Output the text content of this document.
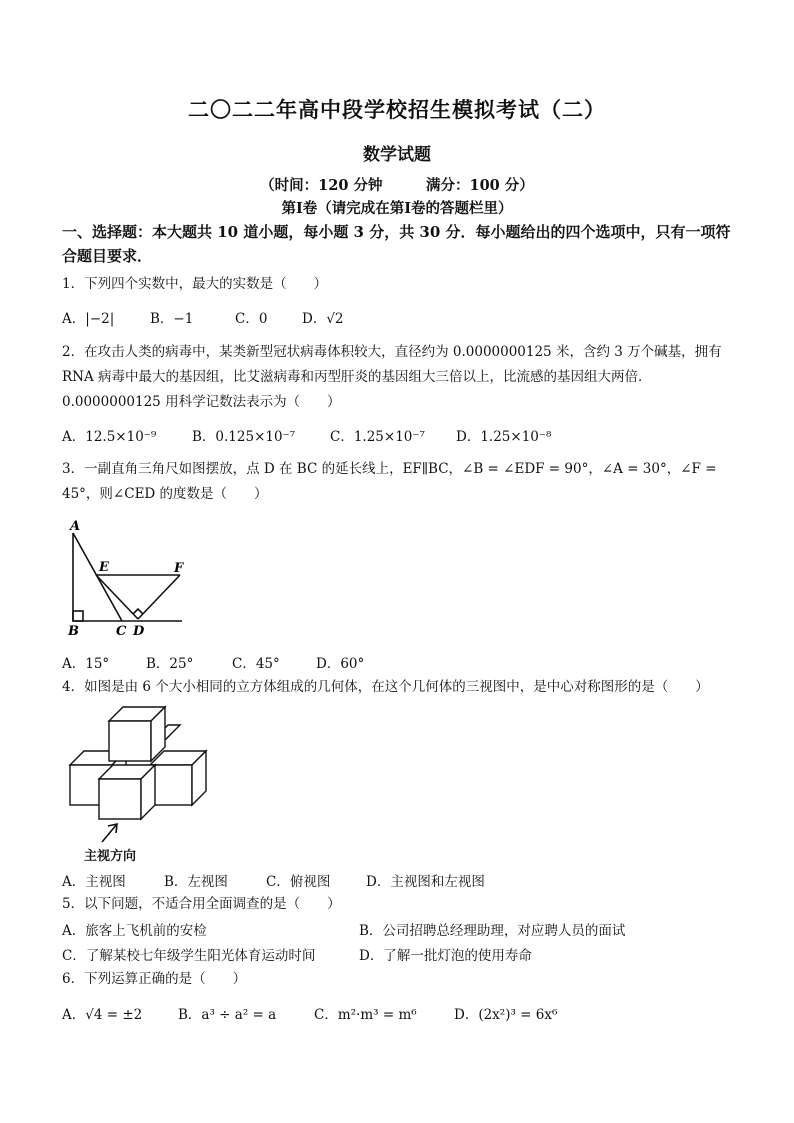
二〇二二年高中段学校招生模拟考试（二）
数学试题
（时间：120 分钟　　　满分：100 分）
第Ⅰ卷（请完成在第Ⅰ卷的答题栏里）
一、选择题：本大题共 10 道小题，每小题 3 分，共 30 分．每小题给出的四个选项中，只有一项符合题目要求．
1．下列四个实数中，最大的实数是（　　）
A．|−2|	B．−1	C．0	D．√2
2．在攻击人类的病毒中，某类新型冠状病毒体积较大，直径约为 0.0000000125 米，含约 3 万个碱基，拥有 RNA 病毒中最大的基因组，比艾滋病毒和丙型肝炎的基因组大三倍以上，比流感的基因组大两倍．0.0000000125 用科学记数法表示为（　　）
A．12.5×10⁻⁹	B．0.125×10⁻⁷	C．1.25×10⁻⁷ D．1.25×10⁻⁸
3．一副直角三角尺如图摆放，点 D 在 BC 的延长线上，EF∥BC，∠B = ∠EDF = 90°，∠A = 30°，∠F = 45°，则∠CED 的度数是（　　）
A
E	F
B	C D
A．15°	B．25°	C．45°	D．60°
4．如图是由 6 个大小相同的立方体组成的几何体，在这个几何体的三视图中，是中心对称图形的是（　　）
主视方向
A．主视图	B．左视图	C．俯视图	D．主视图和左视图
5．以下问题，不适合用全面调查的是（　　）
A．旅客上飞机前的安检	B．公司招聘总经理助理，对应聘人员的面试
C．了解某校七年级学生阳光体育运动时间	D．了解一批灯泡的使用寿命
6．下列运算正确的是（　　）
A．√4 = ±2	B．a³ ÷ a² = a	C．m²·m³ = m⁶	D．(2x²)³ = 6x⁶
